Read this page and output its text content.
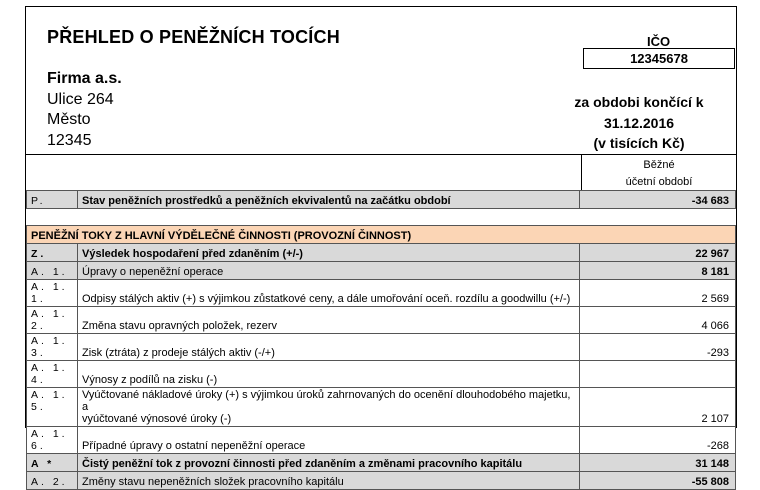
PŘEHLED O PENĚŽNÍCH TOCÍCH	IČO
12345678
Firma a.s.
Ulice 264
Město
12345
za obdobi končící k
31.12.2016
(v tisících Kč)
Běžné
účetní období
P.	Stav peněžních prostředků a peněžních ekvivalentů na začátku období	-34 683

PENĚŽNÍ TOKY Z HLAVNÍ VÝDĚLEČNÉ ČINNOSTI (PROVOZNÍ ČINNOST)		
Z.	Výsledek hospodaření před zdaněním (+/-)	22 967
A. 1.	Úpravy o nepeněžní operace	8 181
A. 1. 1.	Odpisy stálých aktiv (+) s výjimkou zůstatkové ceny, a dále umořování oceň. rozdílu a goodwillu (+/-)	2 569
A. 1. 2.	Změna stavu opravných položek, rezerv	4 066
A. 1. 3.	Zisk (ztráta) z prodeje stálých aktiv (-/+)	-293
A. 1. 4.	Výnosy z podílů na zisku (-)	
A. 1. 5.	Vyúčtované nákladové úroky (+) s výjimkou úroků zahrnovaných do ocenění dlouhodobého majetku, a
vyúčtované výnosové úroky (-)	2 107
A. 1. 6.	Případné úpravy o ostatní nepeněžní operace	-268
A *	Čistý peněžní tok z provozní činnosti před zdaněním a změnami pracovního kapitálu	31 148
A. 2.	Změny stavu nepeněžních složek pracovního kapitálu	-55 808
